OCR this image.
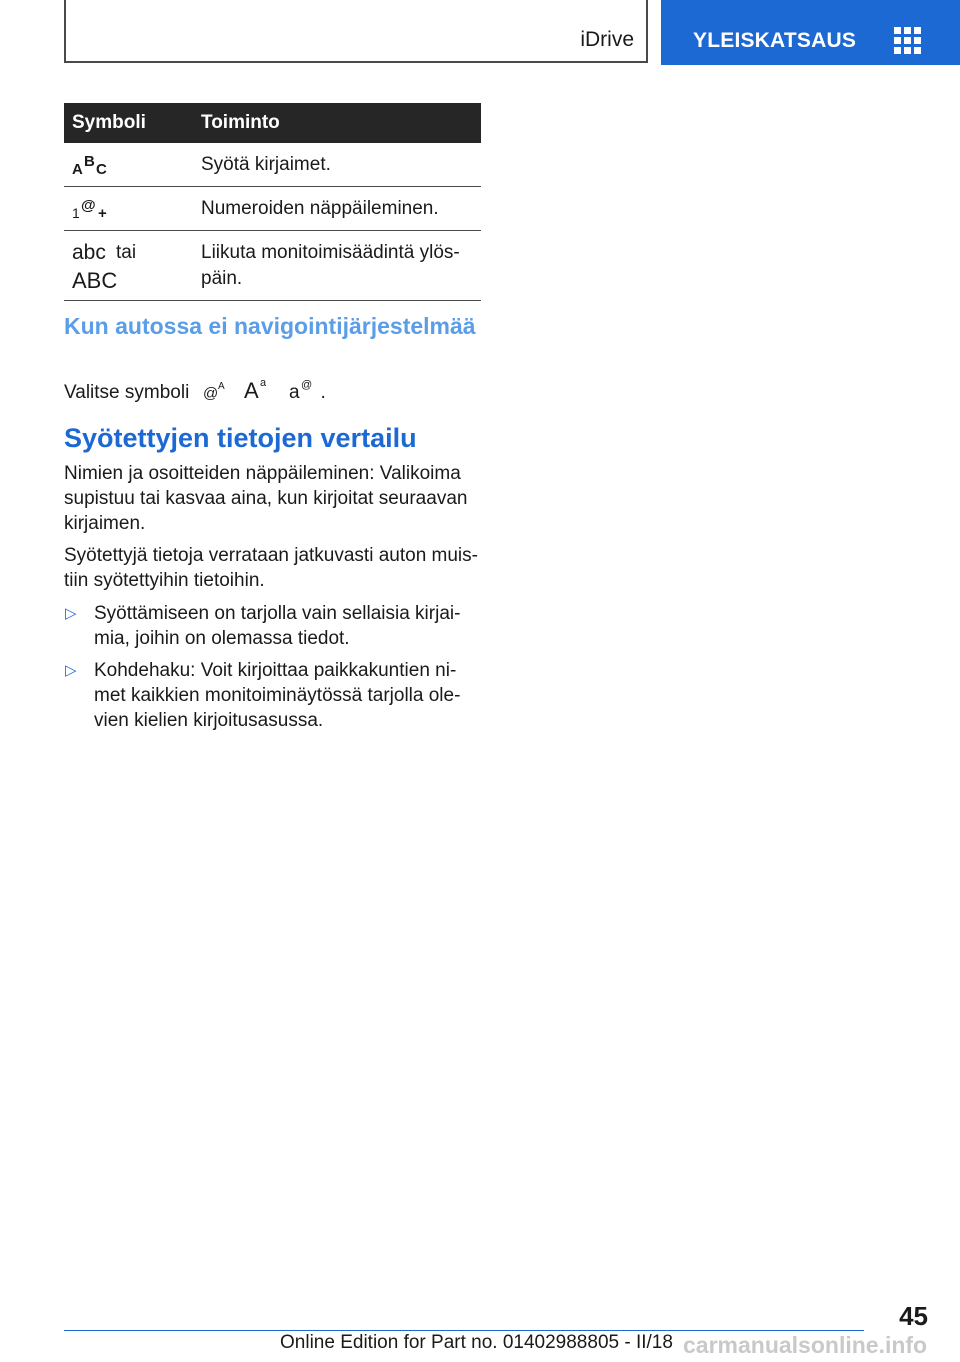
iDrive	YLEISKATSAUS
Symboli	Toiminto

A B C	Syötä kirjaimet.

1 @ +	Numeroiden näppäileminen.

abc tai

ABC	Liikuta monitoimisäädintä ylös-päin.
Kun autossa ei navigointijärjestelmää
Valitse symboli @ A
A a
a @ .
Syötettyjen tietojen vertailu
Nimien ja osoitteiden näppäileminen: Valikoima supistuu tai kasvaa aina, kun kirjoitat seuraavan kirjaimen.
Syötettyjä tietoja verrataan jatkuvasti auton muis-tiin syötettyihin tietoihin.
▷ Syöttämiseen on tarjolla vain sellaisia kirjai-mia, joihin on olemassa tiedot.
▷ Kohdehaku: Voit kirjoittaa paikkakuntien ni-met kaikkien monitoiminäytössä tarjolla ole-vien kielien kirjoitusasussa.
45
Online Edition for Part no. 01402988805 - II/18 carmanualsonline.info
